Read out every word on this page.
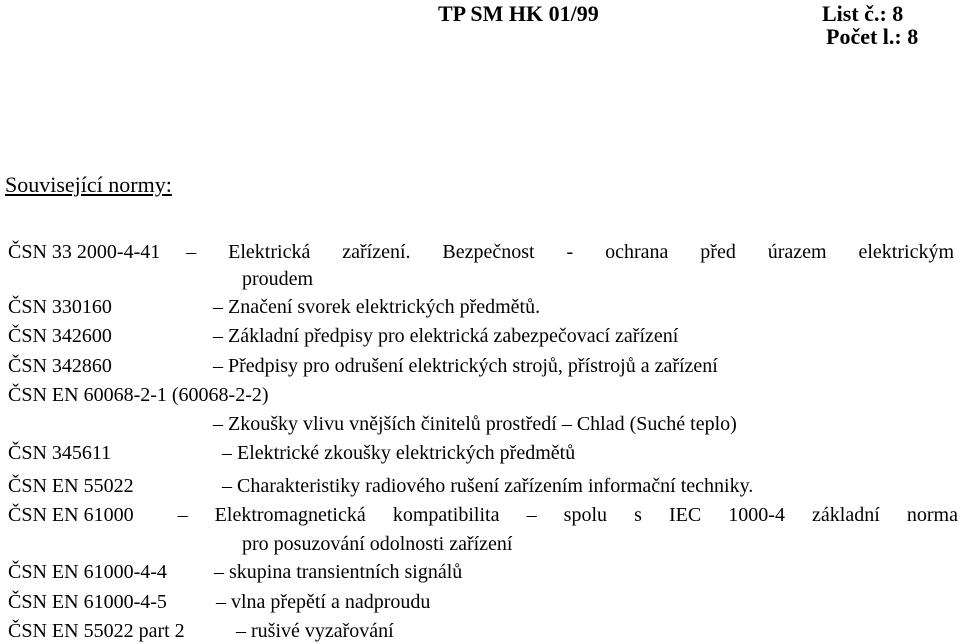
TP SM HK 01/99	List č.: 8
Počet l.: 8
Související normy:
ČSN 33 2000-4-41 – Elektrická zařízení. Bezpečnost - ochrana před úrazem elektrickým
proudem
ČSN 330160	– Značení svorek elektrických předmětů.
ČSN 342600	– Základní předpisy pro elektrická zabezpečovací zařízení
ČSN 342860	– Předpisy pro odrušení elektrických strojů, přístrojů a zařízení
ČSN EN 60068-2-1 (60068-2-2)
– Zkoušky vlivu vnějších činitelů prostředí – Chlad (Suché teplo)
ČSN 345611	– Elektrické zkoušky elektrických předmětů
ČSN EN 55022	– Charakteristiky radiového rušení zařízením informační techniky.
ČSN EN 61000 – Elektromagnetická kompatibilita – spolu s IEC 1000-4 základní norma
pro posuzování odolnosti zařízení
ČSN EN 61000-4-4 – skupina transientních signálů
ČSN EN 61000-4-5 – vlna přepětí a nadproudu
ČSN EN 55022 part 2	– rušivé vyzařování
